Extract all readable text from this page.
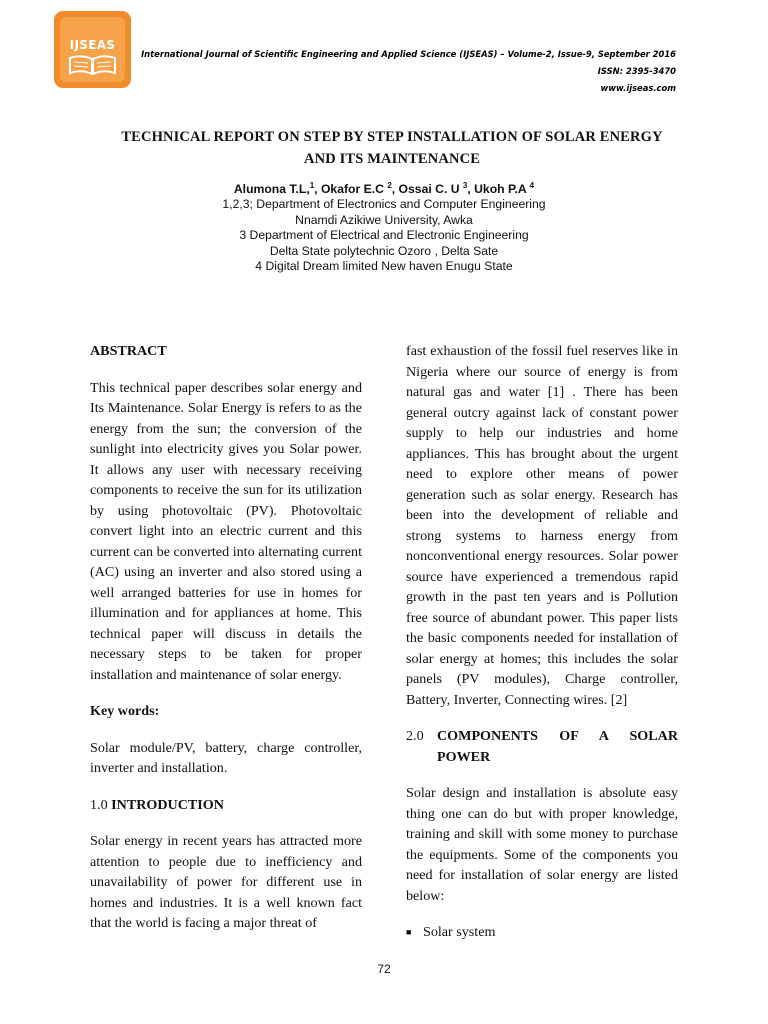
IJSEAS
International Journal of Scientific Engineering and Applied Science (IJSEAS) – Volume-2, Issue-9, September 2016
ISSN: 2395-3470
www.ijseas.com
TECHNICAL REPORT ON STEP BY STEP INSTALLATION OF SOLAR ENERGY
AND ITS MAINTENANCE
Alumona T.L,$^1$, Okafor E.C $^2$, Ossai C. U $^3$, Ukoh P.A $^4$
1,2,3; Department of Electronics and Computer Engineering
Nnamdi Azikiwe University, Awka
3 Department of Electrical and Electronic Engineering
Delta State polytechnic Ozoro , Delta Sate
4 Digital Dream limited New haven Enugu State

ABSTRACT

This technical paper describes solar energy and Its Maintenance. Solar Energy is refers to as the energy from the sun; the conversion of the sunlight into electricity gives you Solar power. It allows any user with necessary receiving components to receive the sun for its utilization by using photovoltaic (PV). Photovoltaic convert light into an electric current and this current can be converted into alternating current (AC) using an inverter and also stored using a well arranged batteries for use in homes for illumination and for appliances at home. This technical paper will discuss in details the necessary steps to be taken for proper installation and maintenance of solar energy.

Key words:

Solar module/PV, battery, charge controller, inverter and installation.

1.0 INTRODUCTION

Solar energy in recent years has attracted more attention to people due to inefficiency and unavailability of power for different use in homes and industries. It is a well known fact that the world is facing a major threat of

fast exhaustion of the fossil fuel reserves like in Nigeria where our source of energy is from natural gas and water [1] . There has been general outcry against lack of constant power supply to help our industries and home appliances. This has brought about the urgent need to explore other means of power generation such as solar energy. Research has been into the development of reliable and strong systems to harness energy from nonconventional energy resources. Solar power source have experienced a tremendous rapid growth in the past ten years and is Pollution free source of abundant power. This paper lists the basic components needed for installation of solar energy at homes; this includes the solar panels (PV modules), Charge controller, Battery, Inverter, Connecting wires. [2]

2.0 COMPONENTS OF A SOLAR
POWER

Solar design and installation is absolute easy thing one can do but with proper knowledge, training and skill with some money to purchase the equipments. Some of the components you need for installation of solar energy are listed below:

■ Solar system
72
